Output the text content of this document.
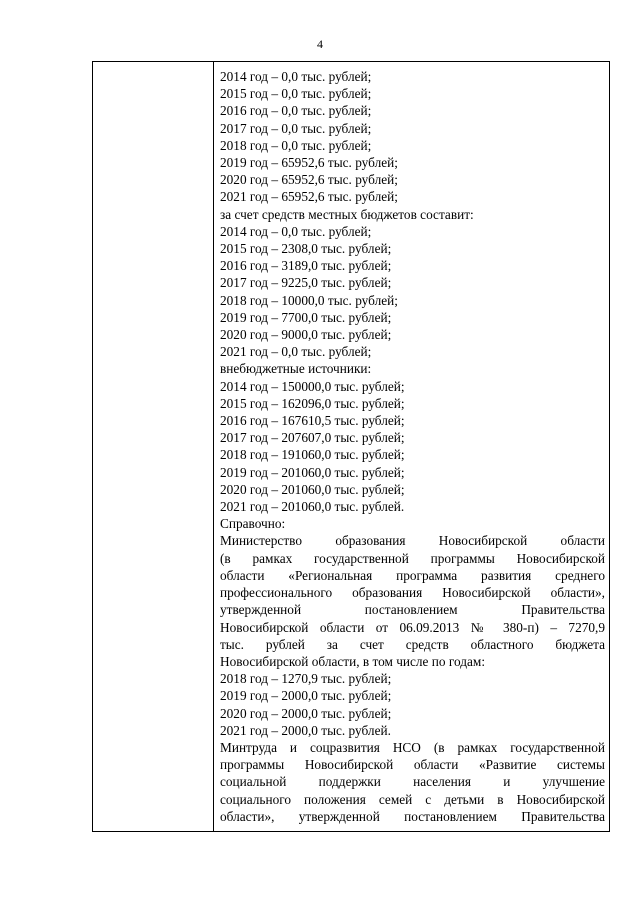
4

2014 год – 0,0 тыс. рублей;

2015 год – 0,0 тыс. рублей;

2016 год – 0,0 тыс. рублей;

2017 год – 0,0 тыс. рублей;

2018 год – 0,0 тыс. рублей;

2019 год – 65952,6 тыс. рублей;

2020 год – 65952,6 тыс. рублей;

2021 год – 65952,6 тыс. рублей;

за счет средств местных бюджетов составит:

2014 год – 0,0 тыс. рублей;

2015 год – 2308,0 тыс. рублей;

2016 год – 3189,0 тыс. рублей;

2017 год – 9225,0 тыс. рублей;

2018 год – 10000,0 тыс. рублей;

2019 год – 7700,0 тыс. рублей;

2020 год – 9000,0 тыс. рублей;

2021 год – 0,0 тыс. рублей;

внебюджетные источники:

2014 год – 150000,0 тыс. рублей;

2015 год – 162096,0 тыс. рублей;

2016 год – 167610,5 тыс. рублей;

2017 год – 207607,0 тыс. рублей;

2018 год – 191060,0 тыс. рублей;

2019 год – 201060,0 тыс. рублей;

2020 год – 201060,0 тыс. рублей;

2021 год – 201060,0 тыс. рублей.

Справочно:

Министерство образования Новосибирской области

(в рамках государственной программы Новосибирской

области «Региональная программа развития среднего

профессионального образования Новосибирской области»,

утвержденной постановлением Правительства

Новосибирской области от 06.09.2013 № 380-п) – 7270,9

тыс. рублей за счет средств областного бюджета

Новосибирской области, в том числе по годам:

2018 год – 1270,9 тыс. рублей;

2019 год – 2000,0 тыс. рублей;

2020 год – 2000,0 тыс. рублей;

2021 год – 2000,0 тыс. рублей.

Минтруда и соцразвития НСО (в рамках государственной

программы Новосибирской области «Развитие системы

социальной поддержки населения и улучшение

социального положения семей с детьми в Новосибирской

области», утвержденной постановлением Правительства
